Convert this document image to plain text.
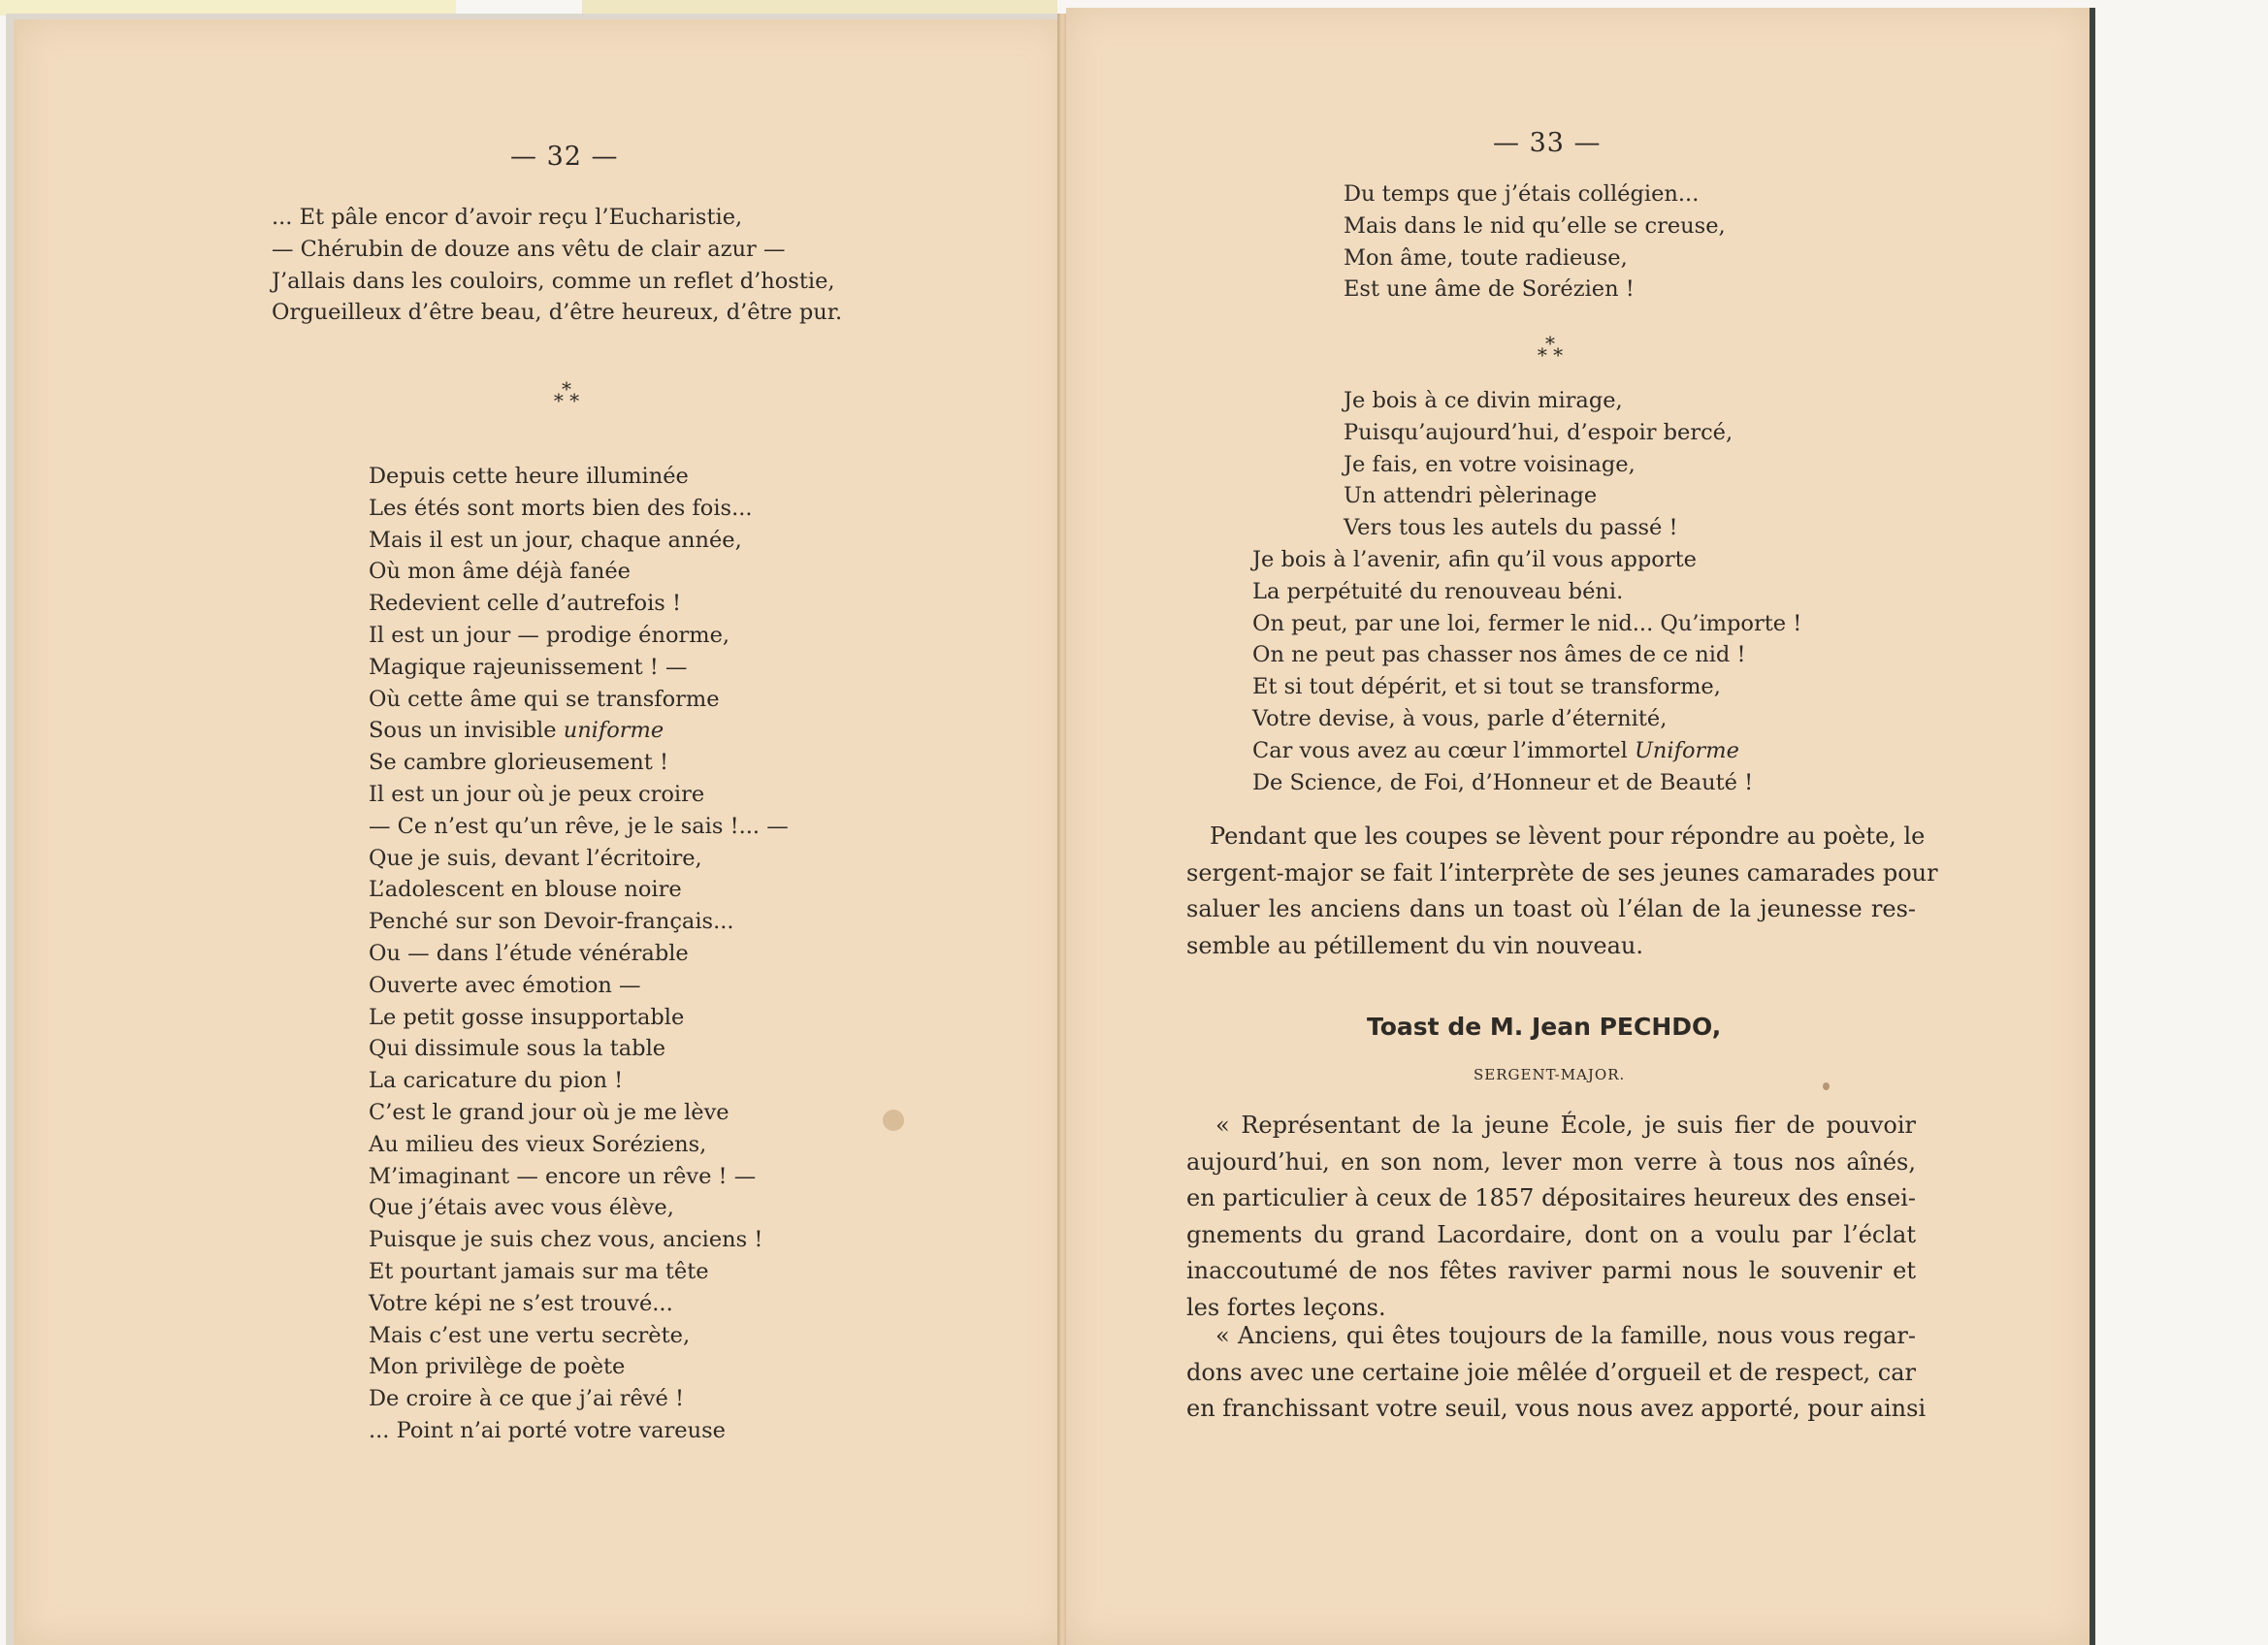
— 32 —
... Et pâle encor d’avoir reçu l’Eucharistie,
— Chérubin de douze ans vêtu de clair azur —
J’allais dans les couloirs, comme un reflet d’hostie,
Orgueilleux d’être beau, d’être heureux, d’être pur.
*
* *
Depuis cette heure illuminée
Les étés sont morts bien des fois...
Mais il est un jour, chaque année,
Où mon âme déjà fanée
Redevient celle d’autrefois !
Il est un jour — prodige énorme,
Magique rajeunissement ! —
Où cette âme qui se transforme
Sous un invisible uniforme
Se cambre glorieusement !
Il est un jour où je peux croire
— Ce n’est qu’un rêve, je le sais !... —
Que je suis, devant l’écritoire,
L’adolescent en blouse noire
Penché sur son Devoir-français...
Ou — dans l’étude vénérable
Ouverte avec émotion —
Le petit gosse insupportable
Qui dissimule sous la table
La caricature du pion !
C’est le grand jour où je me lève
Au milieu des vieux Soréziens,
M’imaginant — encore un rêve ! —
Que j’étais avec vous élève,
Puisque je suis chez vous, anciens !
Et pourtant jamais sur ma tête
Votre képi ne s’est trouvé...
Mais c’est une vertu secrète,
Mon privilège de poète
De croire à ce que j’ai rêvé !
... Point n’ai porté votre vareuse
— 33 —
Du temps que j’étais collégien...
Mais dans le nid qu’elle se creuse,
Mon âme, toute radieuse,
Est une âme de Sorézien !
*
* *
Je bois à ce divin mirage,
Puisqu’aujourd’hui, d’espoir bercé,
Je fais, en votre voisinage,
Un attendri pèlerinage
Vers tous les autels du passé !
Je bois à l’avenir, afin qu’il vous apporte
La perpétuité du renouveau béni.
On peut, par une loi, fermer le nid... Qu’importe !
On ne peut pas chasser nos âmes de ce nid !
Et si tout dépérit, et si tout se transforme,
Votre devise, à vous, parle d’éternité,
Car vous avez au cœur l’immortel Uniforme
De Science, de Foi, d’Honneur et de Beauté !
Pendant que les coupes se lèvent pour répondre au poète, le
sergent-major se fait l’interprète de ses jeunes camarades pour
saluer les anciens dans un toast où l’élan de la jeunesse res-
semble au pétillement du vin nouveau.
Toast de M. Jean PECHDO,
SERGENT-MAJOR.
« Représentant de la jeune École, je suis fier de pouvoir
aujourd’hui, en son nom, lever mon verre à tous nos aînés,
en particulier à ceux de 1857 dépositaires heureux des ensei-
gnements du grand Lacordaire, dont on a voulu par l’éclat
inaccoutumé de nos fêtes raviver parmi nous le souvenir et
les fortes leçons.
« Anciens, qui êtes toujours de la famille, nous vous regar-
dons avec une certaine joie mêlée d’orgueil et de respect, car
en franchissant votre seuil, vous nous avez apporté, pour ainsi
